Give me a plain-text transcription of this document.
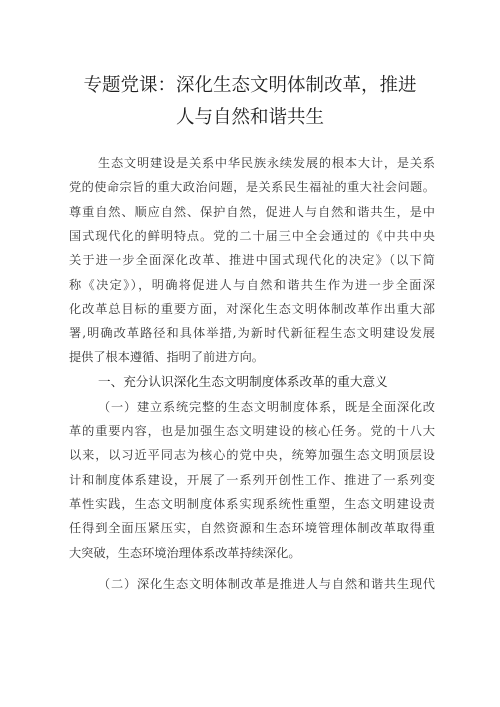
专题党课：深化生态文明体制改革，推进
人与自然和谐共生
生态文明建设是关系中华民族永续发展的根本大计，是关系
党的使命宗旨的重大政治问题，是关系民生福祉的重大社会问题。
尊重自然、顺应自然、保护自然，促进人与自然和谐共生，是中
国式现代化的鲜明特点。党的二十届三中全会通过的《中共中央
关于进一步全面深化改革、推进中国式现代化的决定》（以下简
称《决定》），明确将促进人与自然和谐共生作为进一步全面深
化改革总目标的重要方面，对深化生态文明体制改革作出重大部
署,明确改革路径和具体举措,为新时代新征程生态文明建设发展
提供了根本遵循、指明了前进方向。
一、充分认识深化生态文明制度体系改革的重大意义
（一）建立系统完整的生态文明制度体系，既是全面深化改
革的重要内容，也是加强生态文明建设的核心任务。党的十八大
以来，以习近平同志为核心的党中央，统筹加强生态文明顶层设
计和制度体系建设，开展了一系列开创性工作、推进了一系列变
革性实践，生态文明制度体系实现系统性重塑，生态文明建设责
任得到全面压紧压实，自然资源和生态环境管理体制改革取得重
大突破，生态环境治理体系改革持续深化。
（二）深化生态文明体制改革是推进人与自然和谐共生现代
